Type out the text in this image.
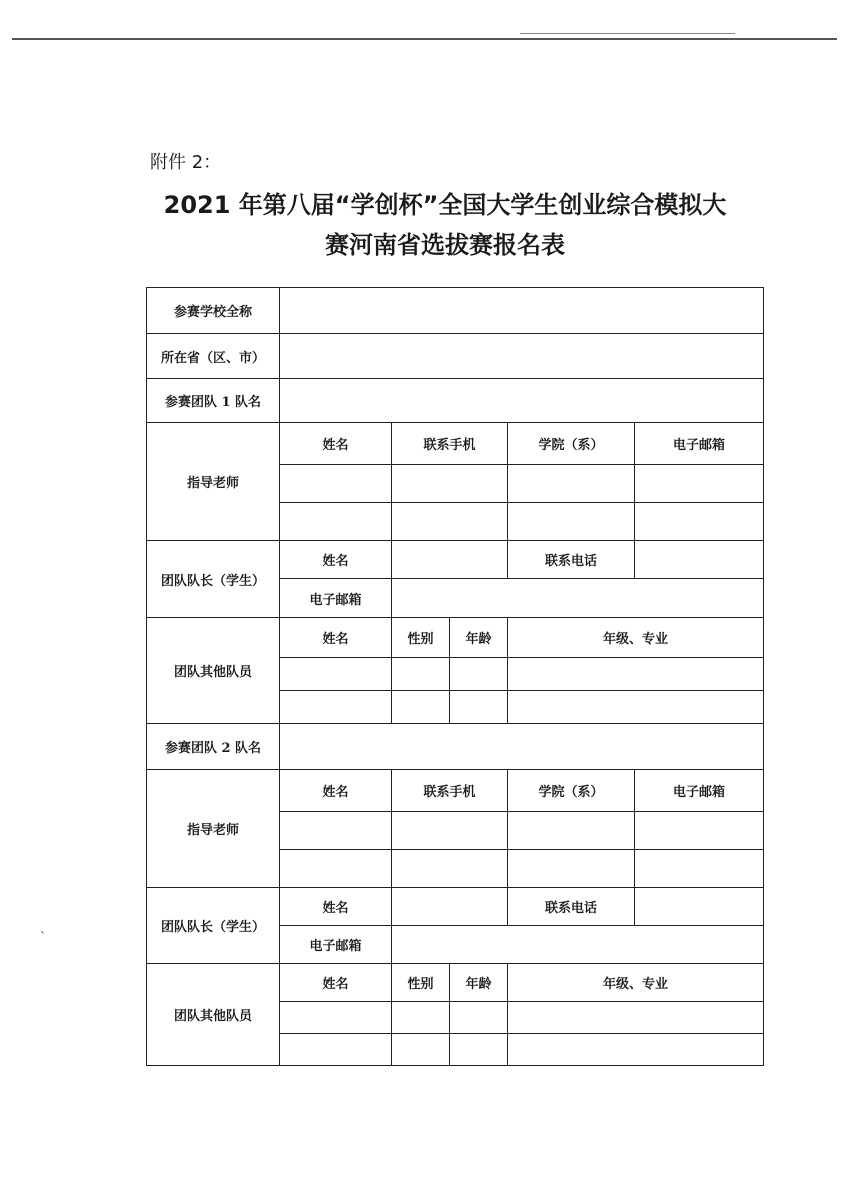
`
附件 2：
2021 年第八届“学创杯”全国大学生创业综合模拟大
赛河南省选拔赛报名表
参赛学校全称					
所在省（区、市）					
参赛团队 1 队名					
指导老师	姓名	联系手机		学院（系）	电子邮箱

团队队长（学生）	姓名			联系电话	
	电子邮箱				
团队其他队员	姓名	性别	年龄	年级、专业	

参赛团队 2 队名					
指导老师	姓名	联系手机		学院（系）	电子邮箱

团队队长（学生）	姓名			联系电话	
	电子邮箱				
团队其他队员	姓名	性别	年龄	年级、专业	
